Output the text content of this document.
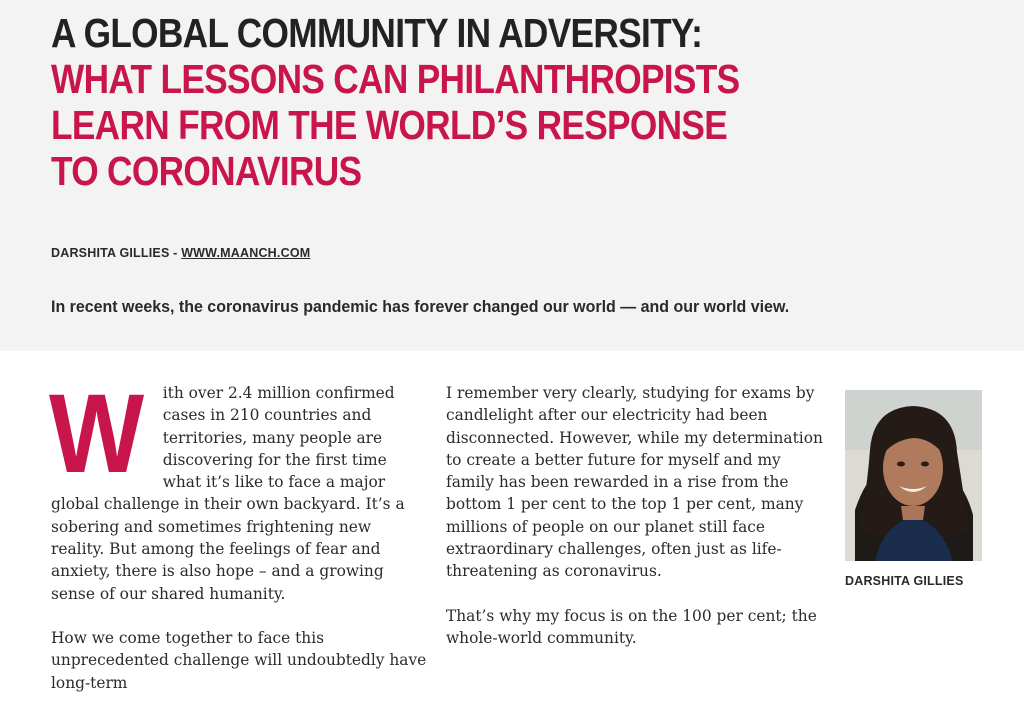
A GLOBAL COMMUNITY IN ADVERSITY:
WHAT LESSONS CAN PHILANTHROPISTS
LEARN FROM THE WORLD’S RESPONSE
TO CORONAVIRUS
DARSHITA GILLIES - WWW.MAANCH.COM
In recent weeks, the coronavirus pandemic has forever changed our world — and our world view.

W ith over 2.4 million confirmed cases in 210 countries and territories, many people are discovering for the first time what it’s like to face a major global challenge in their own backyard. It’s a sobering and sometimes frightening new reality. But among the feelings of fear and anxiety, there is also hope – and a growing sense of our shared humanity.

How we come together to face this unprecedented challenge will undoubtedly have long-term

I remember very clearly, studying for exams by candlelight after our electricity had been disconnected. However, while my determination to create a better future for myself and my family has been rewarded in a rise from the bottom 1 per cent to the top 1 per cent, many millions of people on our planet still face extraordinary challenges, often just as life-threatening as coronavirus.

That’s why my focus is on the 100 per cent; the whole-world community.

DARSHITA GILLIES
